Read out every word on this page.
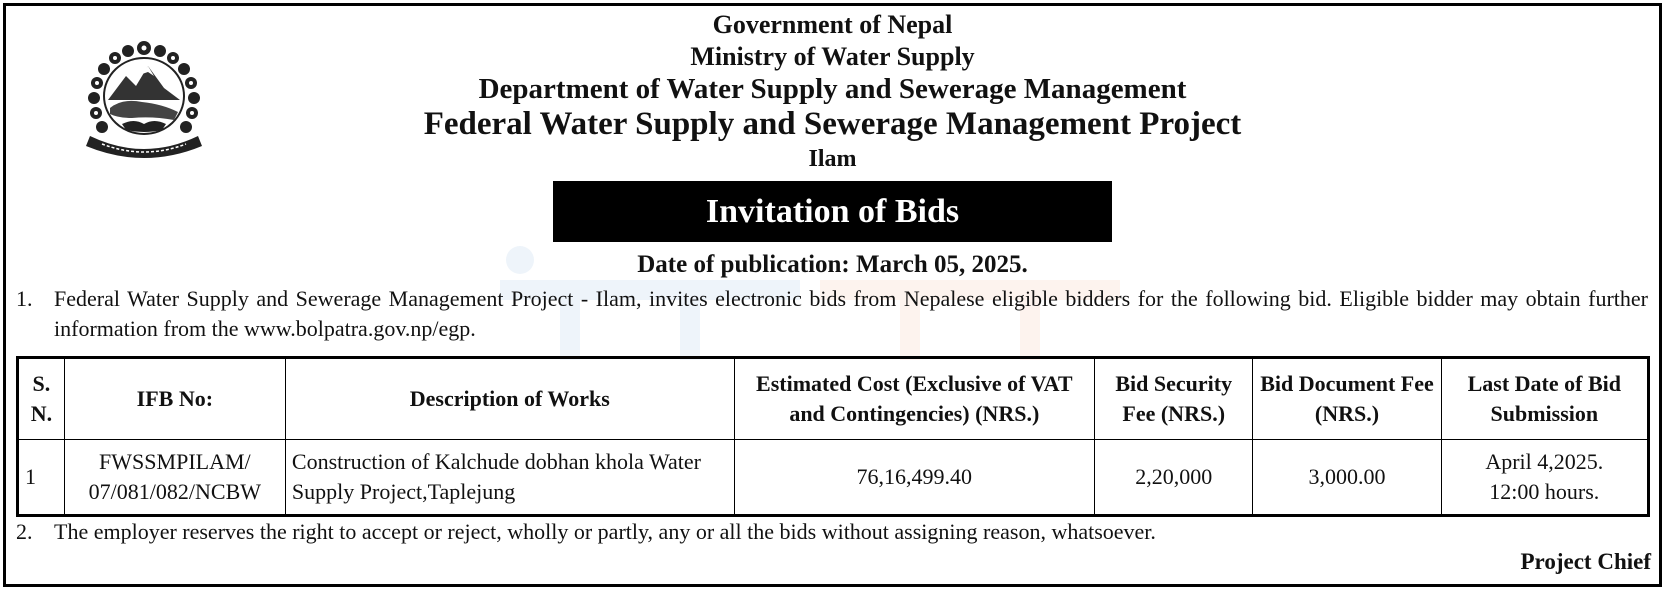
Government of Nepal
Ministry of Water Supply
Department of Water Supply and Sewerage Management
Federal Water Supply and Sewerage Management Project
Ilam
Invitation of Bids
Date of publication: March 05, 2025.
1. Federal Water Supply and Sewerage Management Project - Ilam, invites electronic bids from Nepalese eligible bidders for the following bid. Eligible bidder may obtain further information from the www.bolpatra.gov.np/egp.
S. N.	IFB No:	Description of Works	Estimated Cost (Exclusive of VAT and Contingencies) (NRS.)	Bid Security Fee (NRS.)	Bid Document Fee (NRS.)	Last Date of Bid Submission
1	FWSSMPILAM/ 07/081/082/NCBW	Construction of Kalchude dobhan khola Water Supply Project,Taplejung	76,16,499.40	2,20,000	3,000.00	April 4,2025.
12:00 hours.
2. The employer reserves the right to accept or reject, wholly or partly, any or all the bids without assigning reason, whatsoever.
Project Chief
